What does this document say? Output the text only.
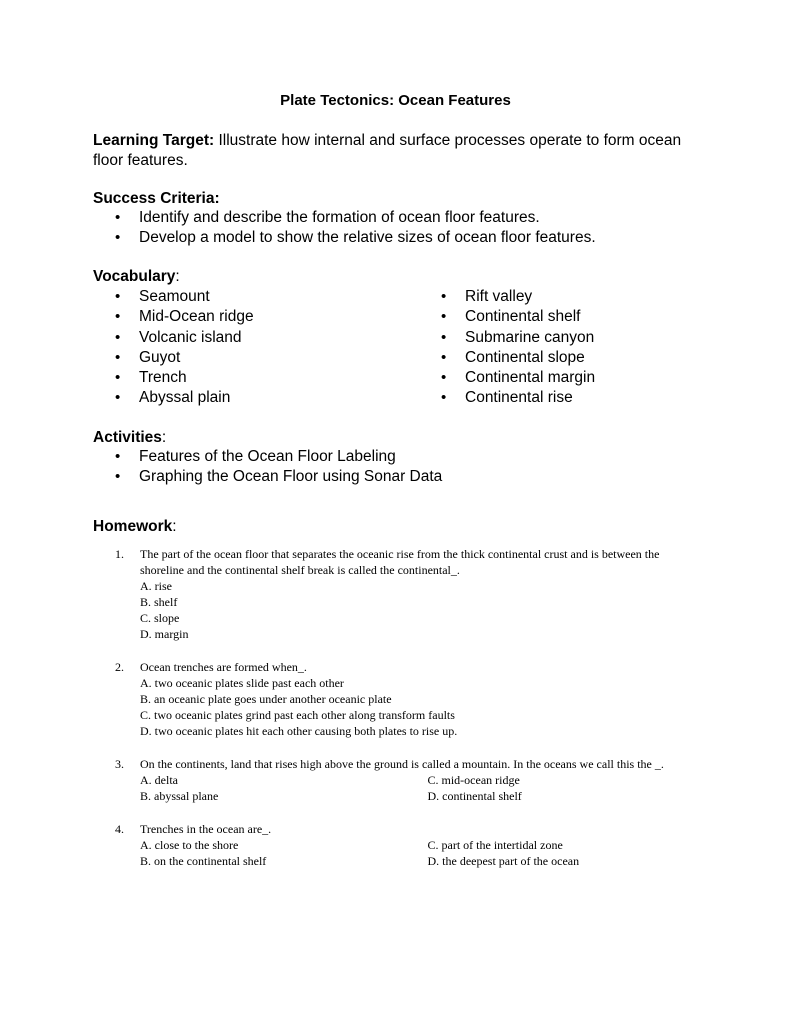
Plate Tectonics: Ocean Features
Learning Target: Illustrate how internal and surface processes operate to form ocean floor features.
Success Criteria:
• Identify and describe the formation of ocean floor features.
• Develop a model to show the relative sizes of ocean floor features.
Vocabulary:
• Seamount
• Mid-Ocean ridge
• Volcanic island
• Guyot
• Trench
• Abyssal plain
• Rift valley
• Continental shelf
• Submarine canyon
• Continental slope
• Continental margin
• Continental rise
Activities:
• Features of the Ocean Floor Labeling
• Graphing the Ocean Floor using Sonar Data
Homework:
1.	The part of the ocean floor that separates the oceanic rise from the thick continental crust and is between the shoreline and the continental shelf break is called the continental_.
A. rise
B. shelf
C. slope
D. margin
2.	Ocean trenches are formed when_.
A. two oceanic plates slide past each other
B. an oceanic plate goes under another oceanic plate
C. two oceanic plates grind past each other along transform faults
D. two oceanic plates hit each other causing both plates to rise up.
3.	On the continents, land that rises high above the ground is called a mountain. In the oceans we call this the _.
A. delta	C. mid-ocean ridge
B. abyssal plane	D. continental shelf
4.	Trenches in the ocean are_.
A. close to the shore	C. part of the intertidal zone
B. on the continental shelf	D. the deepest part of the ocean
